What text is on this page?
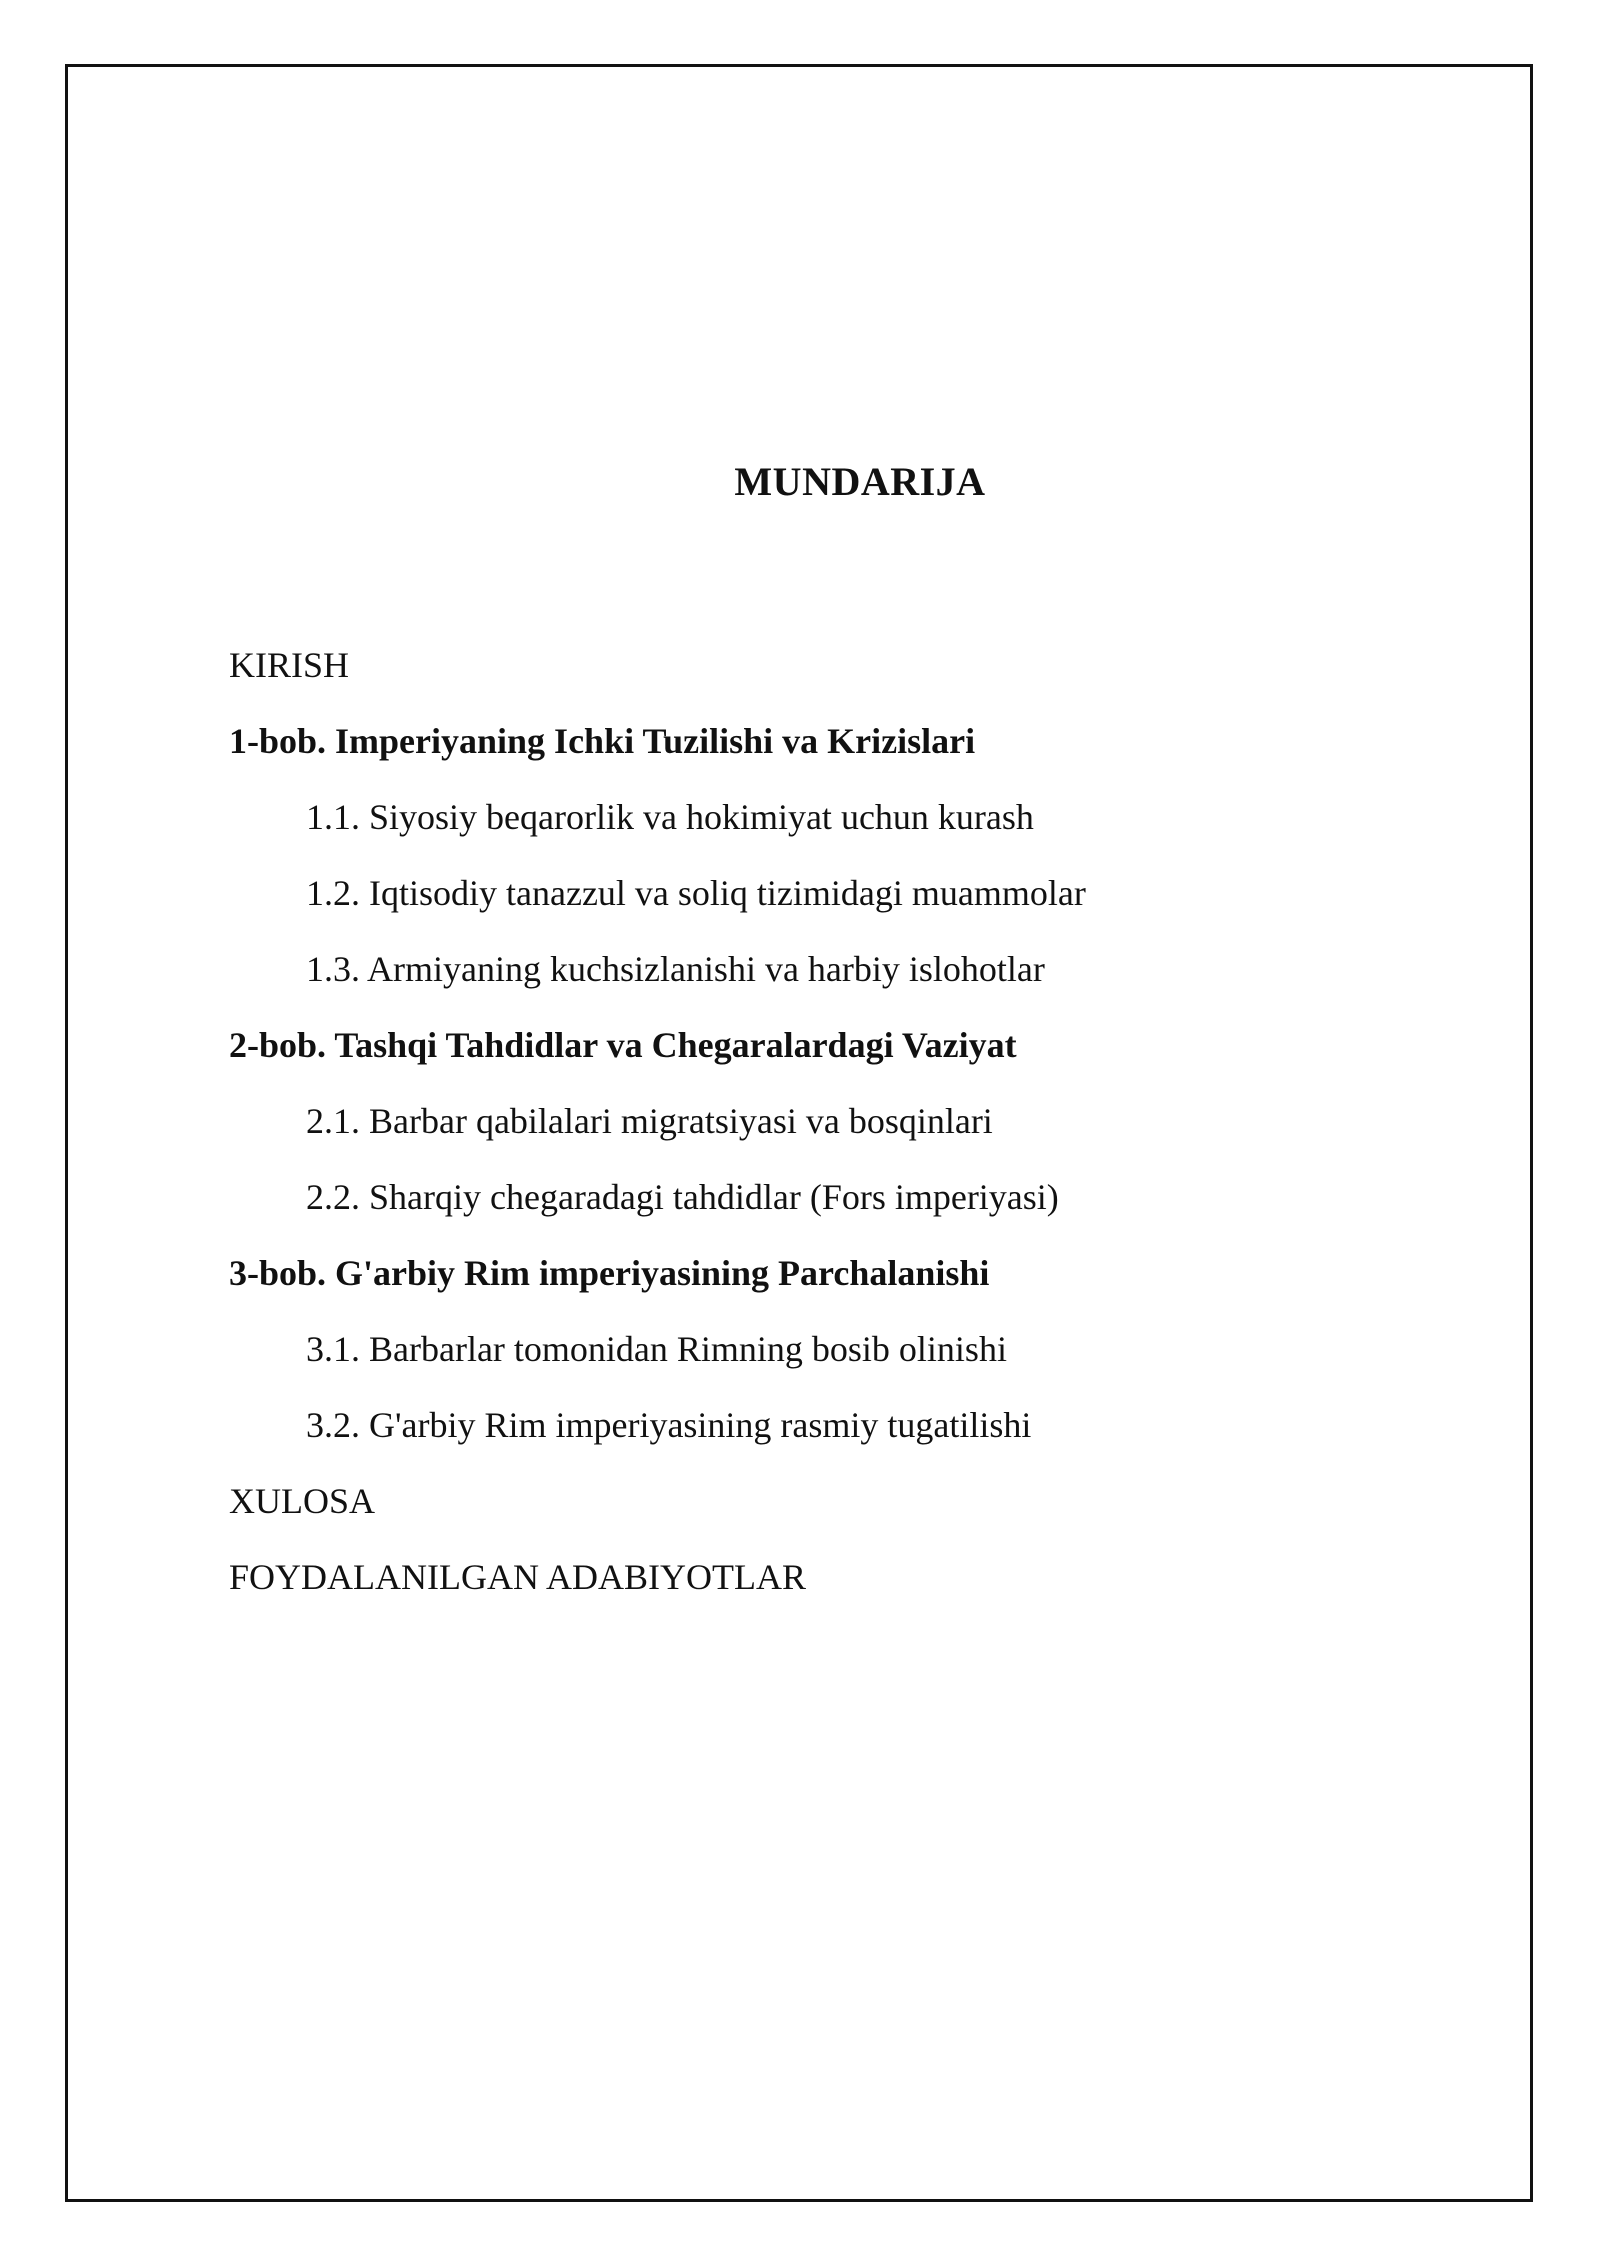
MUNDARIJA
KIRISH
1-bob. Imperiyaning Ichki Tuzilishi va Krizislari
1.1. Siyosiy beqarorlik va hokimiyat uchun kurash
1.2. Iqtisodiy tanazzul va soliq tizimidagi muammolar
1.3. Armiyaning kuchsizlanishi va harbiy islohotlar
2-bob. Tashqi Tahdidlar va Chegaralardagi Vaziyat
2.1. Barbar qabilalari migratsiyasi va bosqinlari
2.2. Sharqiy chegaradagi tahdidlar (Fors imperiyasi)
3-bob. G'arbiy Rim imperiyasining Parchalanishi
3.1. Barbarlar tomonidan Rimning bosib olinishi
3.2. G'arbiy Rim imperiyasining rasmiy tugatilishi
XULOSA
FOYDALANILGAN ADABIYOTLAR
